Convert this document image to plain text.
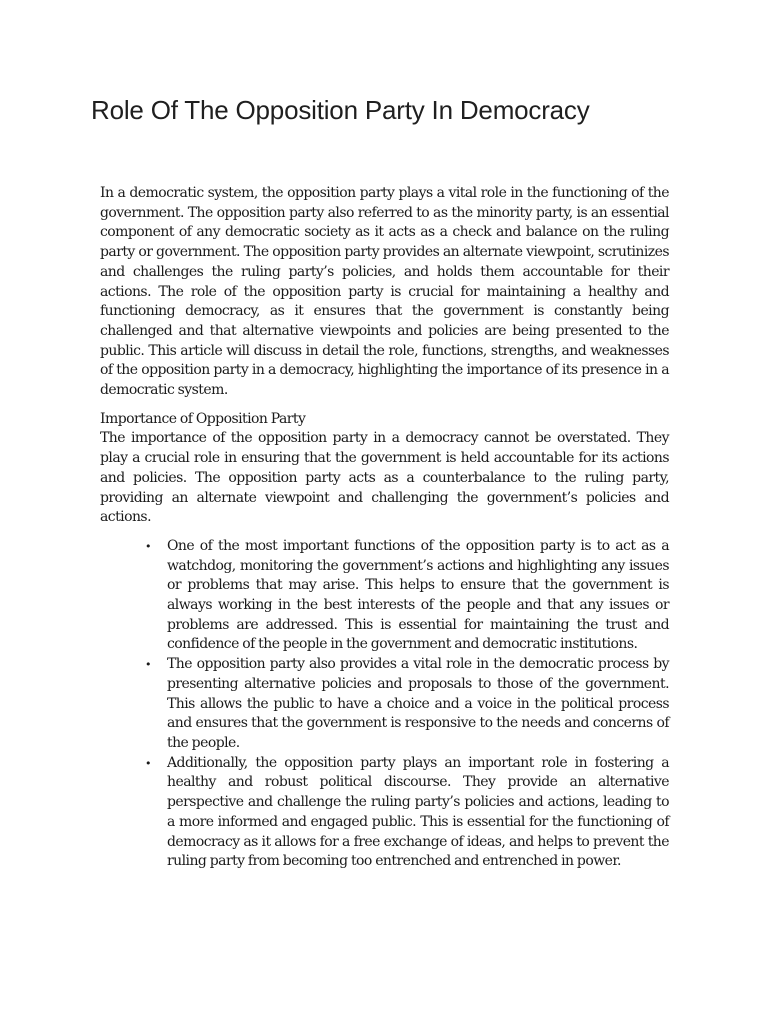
Role Of The Opposition Party In Democracy

In a democratic system, the opposition party plays a vital role in the functioning of the government. The opposition party also referred to as the minority party, is an essential component of any democratic society as it acts as a check and balance on the ruling party or government. The opposition party provides an alternate viewpoint, scrutinizes and challenges the ruling party’s policies, and holds them accountable for their actions. The role of the opposition party is crucial for maintaining a healthy and functioning democracy, as it ensures that the government is constantly being challenged and that alternative viewpoints and policies are being presented to the public. This article will discuss in detail the role, functions, strengths, and weaknesses of the opposition party in a democracy, highlighting the importance of its presence in a democratic system.

Importance of Opposition Party

The importance of the opposition party in a democracy cannot be overstated. They play a crucial role in ensuring that the government is held accountable for its actions and policies. The opposition party acts as a counterbalance to the ruling party, providing an alternate viewpoint and challenging the government’s policies and actions.

• One of the most important functions of the opposition party is to act as a watchdog, monitoring the government’s actions and highlighting any issues or problems that may arise. This helps to ensure that the government is always working in the best interests of the people and that any issues or problems are addressed. This is essential for maintaining the trust and confidence of the people in the government and democratic institutions.
• The opposition party also provides a vital role in the democratic process by presenting alternative policies and proposals to those of the government. This allows the public to have a choice and a voice in the political process and ensures that the government is responsive to the needs and concerns of the people.
• Additionally, the opposition party plays an important role in fostering a healthy and robust political discourse. They provide an alternative perspective and challenge the ruling party’s policies and actions, leading to a more informed and engaged public. This is essential for the functioning of democracy as it allows for a free exchange of ideas, and helps to prevent the ruling party from becoming too entrenched and entrenched in power.
